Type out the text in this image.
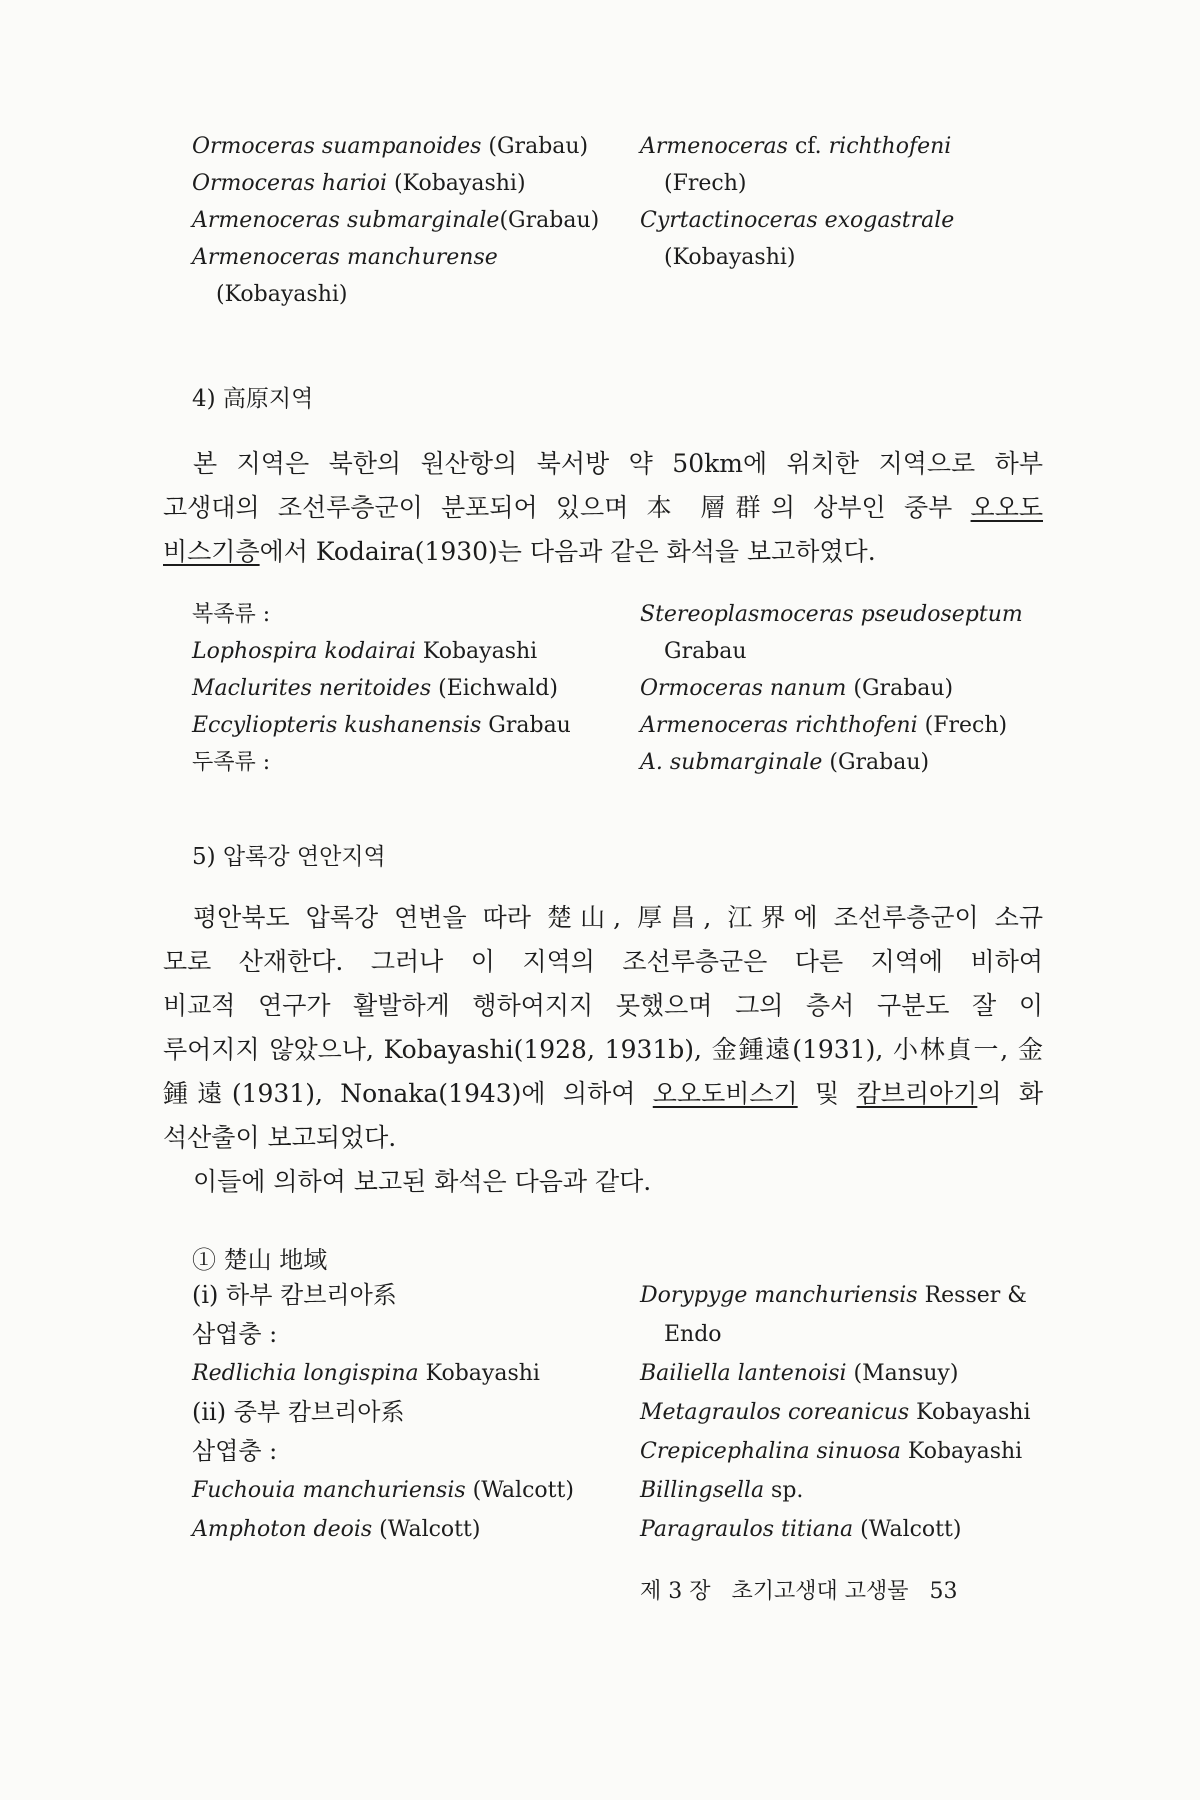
Ormoceras suampanoides (Grabau)
Ormoceras harioi (Kobayashi)
Armenoceras submarginale(Grabau)
Armenoceras manchurense
(Kobayashi)
Armenoceras cf. richthofeni
(Frech)
Cyrtactinoceras exogastrale
(Kobayashi)
4) 高原지역
본 지역은 북한의 원산항의 북서방 약 50km에 위치한 지역으로 하부
고생대의 조선루층군이 분포되어 있으며 本 層群의 상부인 중부 오오도
비스기층에서 Kodaira(1930)는 다음과 같은 화석을 보고하였다.
복족류 :
Lophospira kodairai Kobayashi
Maclurites neritoides (Eichwald)
Eccyliopteris kushanensis Grabau
두족류 :
Stereoplasmoceras pseudoseptum
Grabau
Ormoceras nanum (Grabau)
Armenoceras richthofeni (Frech)
A. submarginale (Grabau)
5) 압록강 연안지역
평안북도 압록강 연변을 따라 楚山, 厚昌, 江界에 조선루층군이 소규
모로 산재한다. 그러나 이 지역의 조선루층군은 다른 지역에 비하여
비교적 연구가 활발하게 행하여지지 못했으며 그의 층서 구분도 잘 이
루어지지 않았으나, Kobayashi(1928, 1931b), 金鍾遠(1931), 小林貞一, 金
鍾遠(1931), Nonaka(1943)에 의하여 오오도비스기 및 캄브리아기의 화
석산출이 보고되었다.
이들에 의하여 보고된 화석은 다음과 같다.
① 楚山 地域
(i) 하부 캄브리아系
삼엽충 :
Redlichia longispina Kobayashi
(ii) 중부 캄브리아系
삼엽충 :
Fuchouia manchuriensis (Walcott)
Amphoton deois (Walcott)
Dorypyge manchuriensis Resser &
Endo
Bailiella lantenoisi (Mansuy)
Metagraulos coreanicus Kobayashi
Crepicephalina sinuosa Kobayashi
Billingsella sp.
Paragraulos titiana (Walcott)
제 3 장 초기고생대 고생물 53
